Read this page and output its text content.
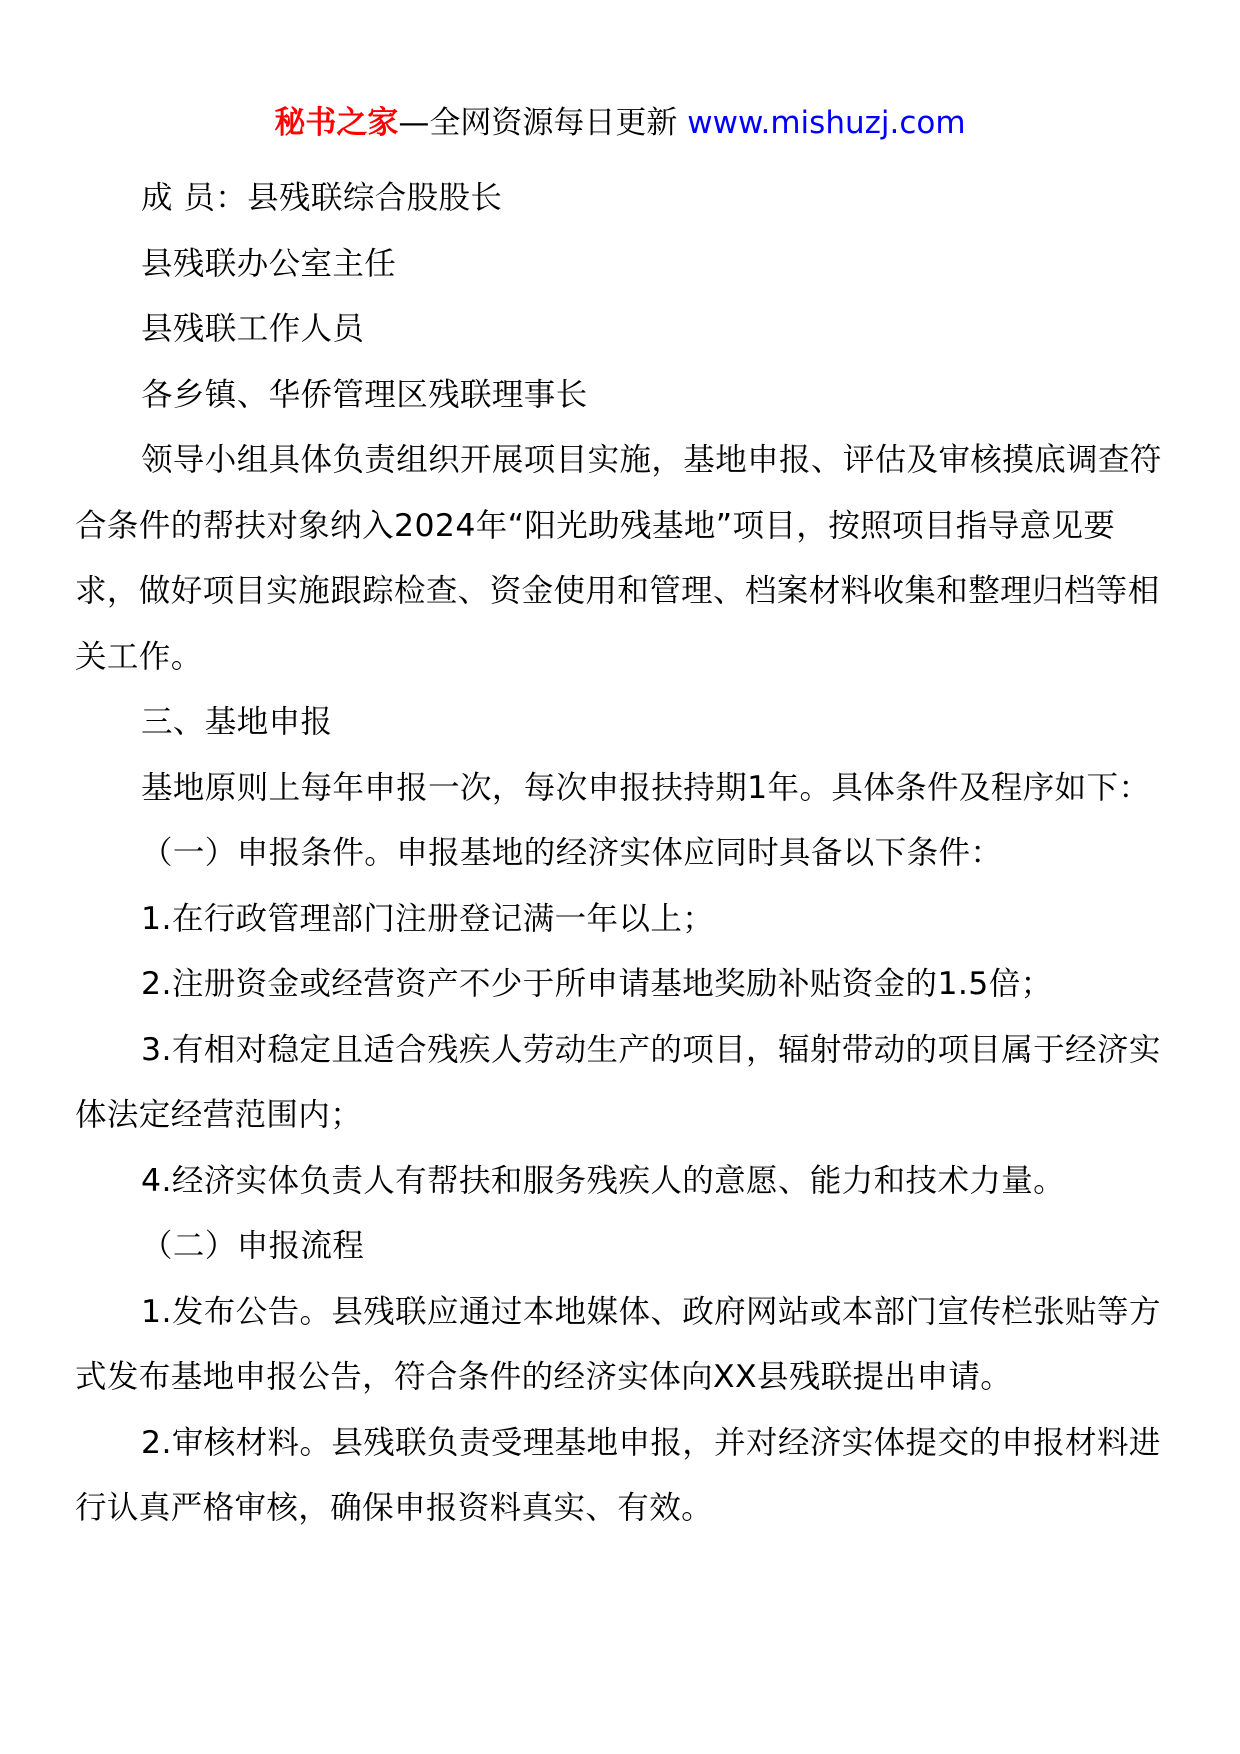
秘书之家—全网资源每日更新 www.mishuzj.com

成 员：县残联综合股股长

县残联办公室主任

县残联工作人员

各乡镇、华侨管理区残联理事长

领导小组具体负责组织开展项目实施，基地申报、评估及审核摸底调查符合条件的帮扶对象纳入2024年“阳光助残基地”项目，按照项目指导意见要求，做好项目实施跟踪检查、资金使用和管理、档案材料收集和整理归档等相关工作。

三、基地申报

基地原则上每年申报一次，每次申报扶持期1年。具体条件及程序如下：

（一）申报条件。申报基地的经济实体应同时具备以下条件：

1.在行政管理部门注册登记满一年以上；

2.注册资金或经营资产不少于所申请基地奖励补贴资金的1.5倍；

3.有相对稳定且适合残疾人劳动生产的项目，辐射带动的项目属于经济实体法定经营范围内；

4.经济实体负责人有帮扶和服务残疾人的意愿、能力和技术力量。

（二）申报流程

1.发布公告。县残联应通过本地媒体、政府网站或本部门宣传栏张贴等方式发布基地申报公告，符合条件的经济实体向XX县残联提出申请。

2.审核材料。县残联负责受理基地申报，并对经济实体提交的申报材料进行认真严格审核，确保申报资料真实、有效。
